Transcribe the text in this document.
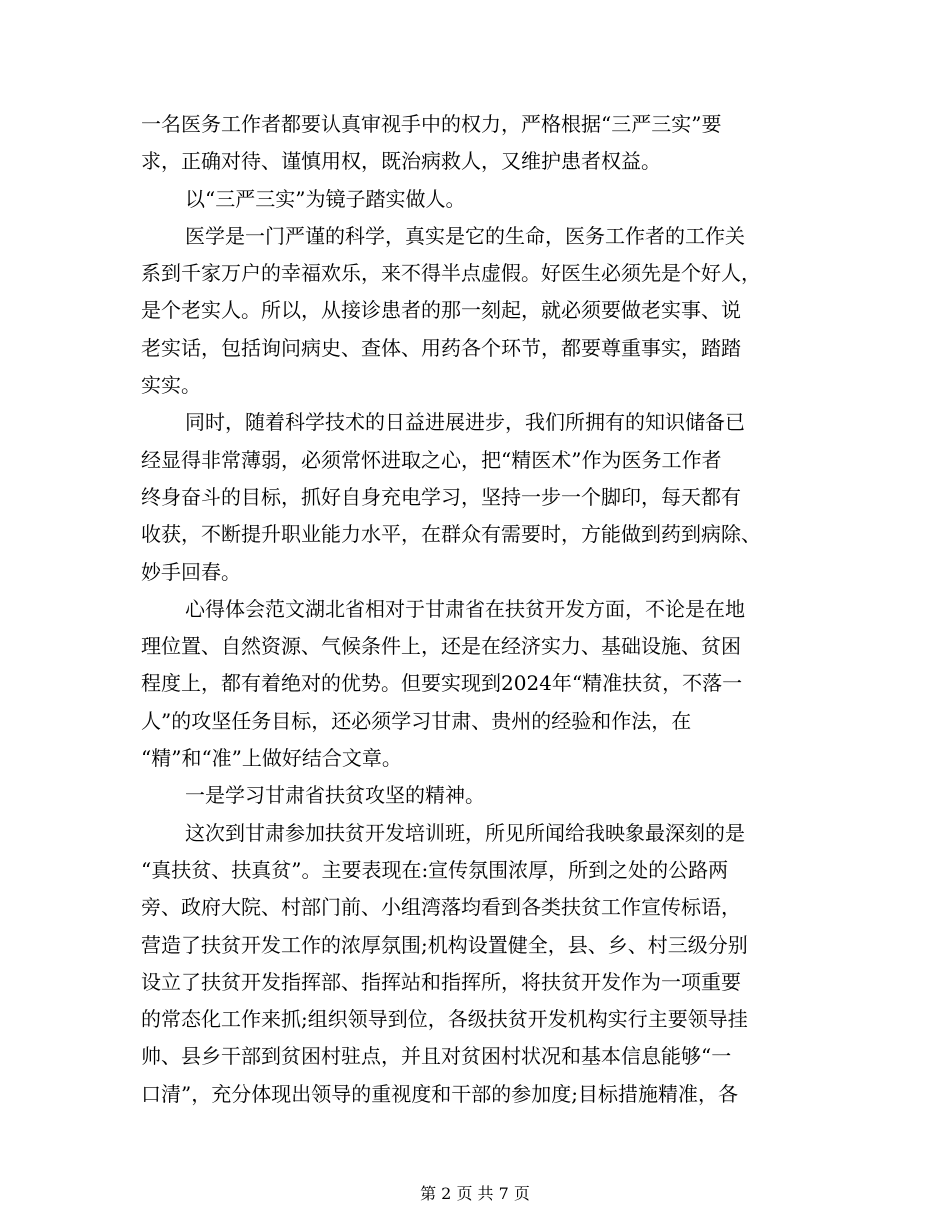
一名医务工作者都要认真审视手中的权力，严格根据“三严三实”要
求，正确对待、谨慎用权，既治病救人，又维护患者权益。
以“三严三实”为镜子踏实做人。
医学是一门严谨的科学，真实是它的生命，医务工作者的工作关
系到千家万户的幸福欢乐，来不得半点虚假。好医生必须先是个好人，
是个老实人。所以，从接诊患者的那一刻起，就必须要做老实事、说
老实话，包括询问病史、查体、用药各个环节，都要尊重事实，踏踏
实实。
同时，随着科学技术的日益进展进步，我们所拥有的知识储备已
经显得非常薄弱，必须常怀进取之心，把“精医术”作为医务工作者
终身奋斗的目标，抓好自身充电学习，坚持一步一个脚印，每天都有
收获，不断提升职业能力水平，在群众有需要时，方能做到药到病除、
妙手回春。
心得体会范文湖北省相对于甘肃省在扶贫开发方面，不论是在地
理位置、自然资源、气候条件上，还是在经济实力、基础设施、贫困
程度上，都有着绝对的优势。但要实现到2024年“精准扶贫，不落一
人”的攻坚任务目标，还必须学习甘肃、贵州的经验和作法，在
“精”和“准”上做好结合文章。
一是学习甘肃省扶贫攻坚的精神。
这次到甘肃参加扶贫开发培训班，所见所闻给我映象最深刻的是
“真扶贫、扶真贫”。主要表现在:宣传氛围浓厚，所到之处的公路两
旁、政府大院、村部门前、小组湾落均看到各类扶贫工作宣传标语，
营造了扶贫开发工作的浓厚氛围;机构设置健全，县、乡、村三级分别
设立了扶贫开发指挥部、指挥站和指挥所，将扶贫开发作为一项重要
的常态化工作来抓;组织领导到位，各级扶贫开发机构实行主要领导挂
帅、县乡干部到贫困村驻点，并且对贫困村状况和基本信息能够“一
口清”，充分体现出领导的重视度和干部的参加度;目标措施精准，各
第 2 页 共 7 页
